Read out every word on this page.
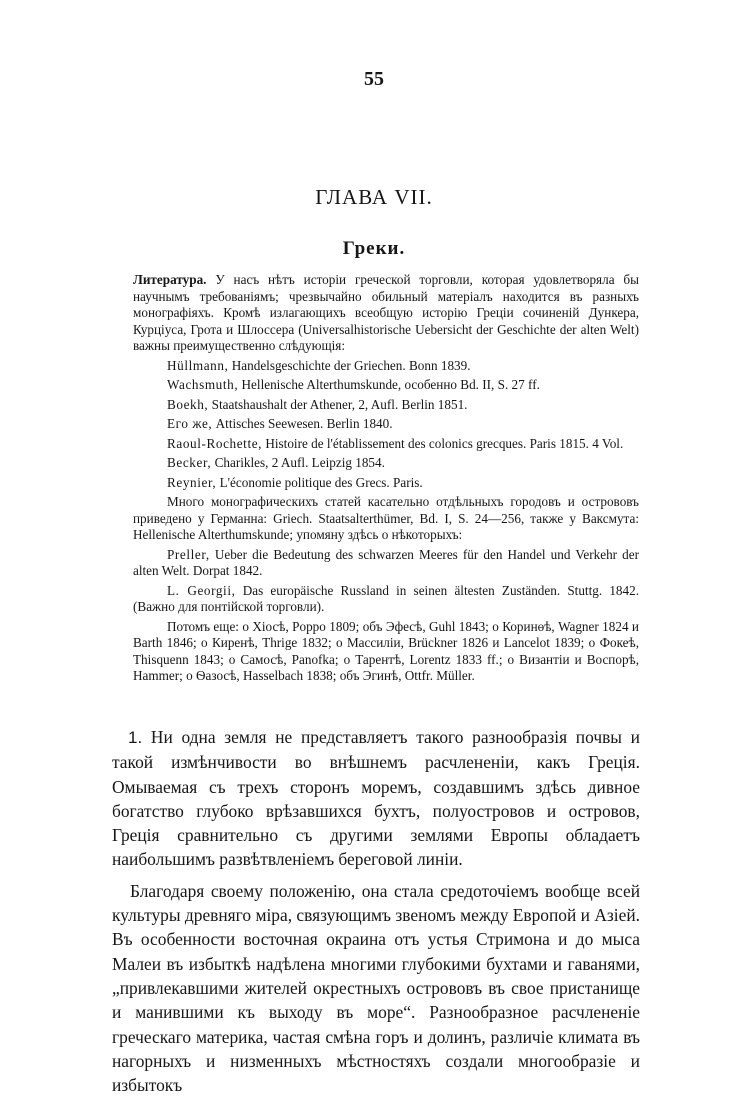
55
ГЛАВА VII.
Греки.

Литература. У насъ нѣтъ исторіи греческой торговли, которая удовлетворяла бы научнымъ требованіямъ; чрезвычайно обильный матеріалъ находится въ разныхъ монографіяхъ. Кромѣ излагающихъ всеобщую исторію Греціи сочиненій Дункера, Курціуса, Грота и Шлоссера (Universalhistorische Uebersicht der Geschichte der alten Welt) важны преимущественно слѣдующія:

Hüllmann, Handelsgeschichte der Griechen. Bonn 1839.

Wachsmuth, Hellenische Alterthumskunde, особенно Bd. II, S. 27 ff.

Boekh, Staatshaushalt der Athener, 2, Aufl. Berlin 1851.

Его же, Attisches Seewesen. Berlin 1840.

Raoul-Rochette, Histoire de l'établissement des colonics grecques. Paris 1815. 4 Vol.

Becker, Charikles, 2 Aufl. Leipzig 1854.

Reynier, L'économie politique des Grecs. Paris.

Много монографическихъ статей касательно отдѣльныхъ городовъ и острововъ приведено у Германна: Griech. Staatsalterthümer, Bd. I, S. 24—256, также у Ваксмута: Hellenische Alterthumskunde; упомяну здѣсь о нѣкоторыхъ:

Preller, Ueber die Bedeutung des schwarzen Meeres für den Handel und Verkehr der alten Welt. Dorpat 1842.

L. Georgii, Das europäische Russland in seinen ältesten Zuständen. Stuttg. 1842. (Важно для понтійской торговли).

Потомъ еще: о Хіосѣ, Poppo 1809; объ Эфесѣ, Guhl 1843; о Коринѳѣ, Wagner 1824 и Barth 1846; о Киренѣ, Thrige 1832; о Массиліи, Brückner 1826 и Lancelot 1839; о Фокеѣ, Thisquenn 1843; о Самосѣ, Panofka; о Тарентѣ, Lorentz 1833 ff.; о Византіи и Воспорѣ, Hammer; о Ѳазосѣ, Hasselbach 1838; объ Эгинѣ, Ottfr. Müller.

1. Ни одна земля не представляетъ такого разнообразія почвы и такой измѣнчивости во внѣшнемъ расчлененіи, какъ Греція. Омываемая съ трехъ сторонъ моремъ, создавшимъ здѣсь дивное богатство глубоко врѣзавшихся бухтъ, полуостровов и островов, Греція сравнительно съ другими землями Европы обладаетъ наибольшимъ развѣтвленіемъ береговой линіи.

Благодаря своему положенію, она стала средоточіемъ вообще всей культуры древняго міра, связующимъ звеномъ между Европой и Азіей. Въ особенности восточная окраина отъ устья Стримона и до мыса Малеи въ избыткѣ надѣлена многими глубокими бухтами и гаванями, „привлекавшими жителей окрестныхъ острововъ въ свое пристанище и манившими къ выходу въ море“. Разнообразное расчлененіе греческаго материка, частая смѣна горъ и долинъ, различіе климата въ нагорныхъ и низменныхъ мѣстностяхъ создали многообразіе и избытокъ
